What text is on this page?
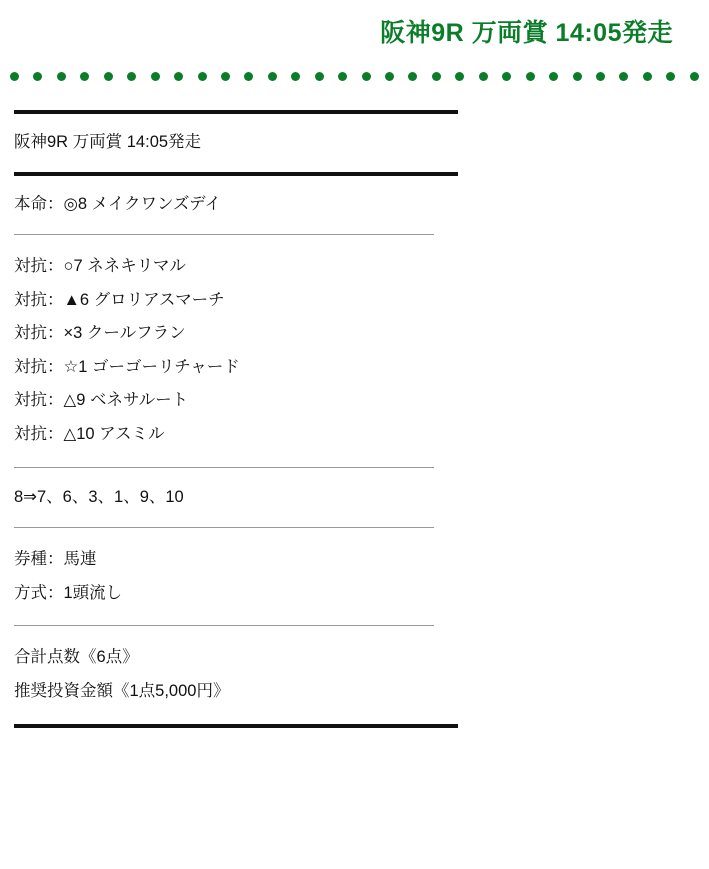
阪神9R 万両賞 14:05発走

阪神9R 万両賞 14:05発走

本命：◎8 メイクワンズデイ

対抗：○7 ネネキリマル

対抗：▲6 グロリアスマーチ

対抗：×3 クールフラン

対抗：☆1 ゴーゴーリチャード

対抗：△9 ベネサルート

対抗：△10 アスミル

8⇒7、6、3、1、9、10

券種：馬連

方式：1頭流し

合計点数《6点》

推奨投資金額《1点5,000円》
